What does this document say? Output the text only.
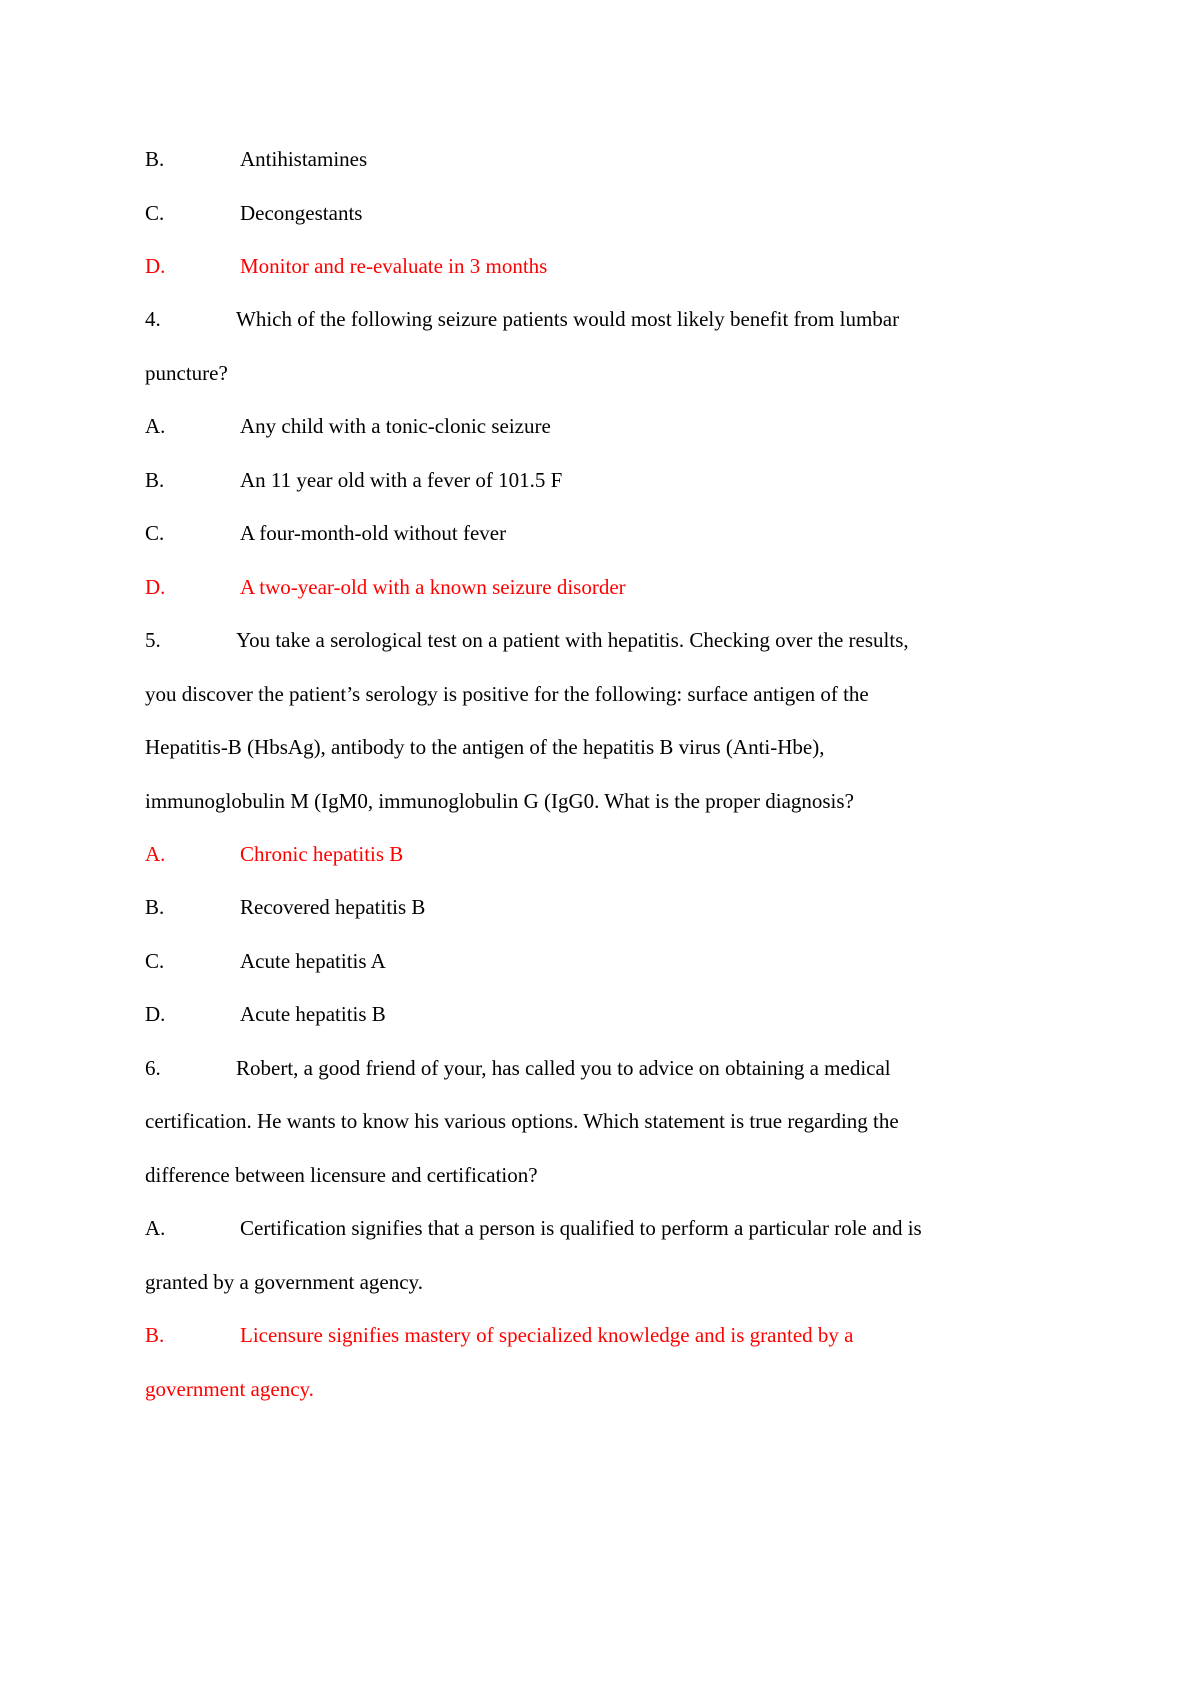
B.	Antihistamines
C.	Decongestants
D.	Monitor and re-evaluate in 3 months
4.	Which of the following seizure patients would most likely benefit from lumbar
puncture?
A.	Any child with a tonic-clonic seizure
B.	An 11 year old with a fever of 101.5 F
C.	A four-month-old without fever
D.	A two-year-old with a known seizure disorder
5.	You take a serological test on a patient with hepatitis. Checking over the results,
you discover the patient’s serology is positive for the following: surface antigen of the
Hepatitis-B (HbsAg), antibody to the antigen of the hepatitis B virus (Anti-Hbe),
immunoglobulin M (IgM0, immunoglobulin G (IgG0. What is the proper diagnosis?
A.	Chronic hepatitis B
B.	Recovered hepatitis B
C.	Acute hepatitis A
D.	Acute hepatitis B
6.	Robert, a good friend of your, has called you to advice on obtaining a medical
certification. He wants to know his various options. Which statement is true regarding the
difference between licensure and certification?
A.	Certification signifies that a person is qualified to perform a particular role and is
granted by a government agency.
B.	Licensure signifies mastery of specialized knowledge and is granted by a
government agency.
